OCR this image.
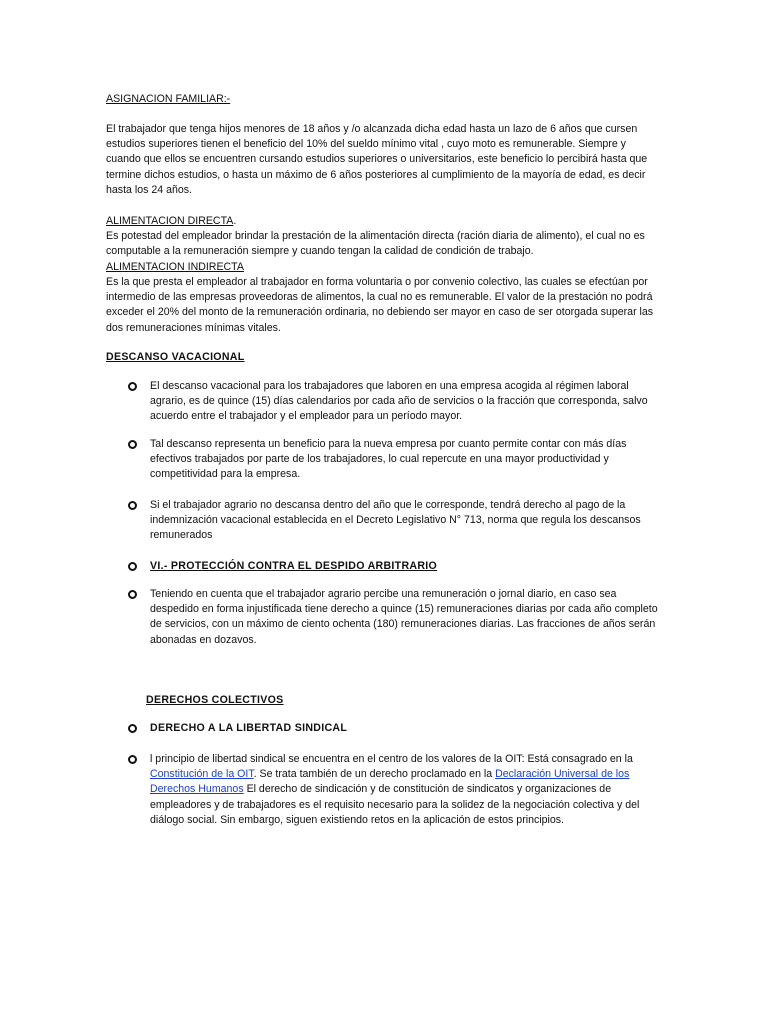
ASIGNACION FAMILIAR:-

El trabajador que tenga hijos menores de 18 años y /o alcanzada dicha edad hasta un lazo de 6 años que cursen estudios superiores tienen el beneficio del 10% del sueldo mínimo vital , cuyo moto es remunerable. Siempre y cuando que ellos se encuentren cursando estudios superiores o universitarios, este beneficio lo percibirá hasta que termine dichos estudios, o hasta un máximo de 6 años posteriores al cumplimiento de la mayoría de edad, es decir hasta los 24 años.

ALIMENTACION DIRECTA.

Es potestad del empleador brindar la prestación de la alimentación directa (ración diaria de alimento), el cual no es computable a la remuneración siempre y cuando tengan la calidad de condición de trabajo.

ALIMENTACION INDIRECTA

Es la que presta el empleador al trabajador en forma voluntaria o por convenio colectivo, las cuales se efectúan por intermedio de las empresas proveedoras de alimentos, la cual no es remunerable. El valor de la prestación no podrá exceder el 20% del monto de la remuneración ordinaria, no debiendo ser mayor en caso de ser otorgada superar las dos remuneraciones mínimas vitales.

DESCANSO VACACIONAL

El descanso vacacional para los trabajadores que laboren en una empresa acogida al régimen laboral agrario, es de quince (15) días calendarios por cada año de servicios o la fracción que corresponda, salvo acuerdo entre el trabajador y el empleador para un período mayor.

Tal descanso representa un beneficio para la nueva empresa por cuanto permite contar con más días efectivos trabajados por parte de los trabajadores, lo cual repercute en una mayor productividad y competitividad para la empresa.

Si el trabajador agrario no descansa dentro del año que le corresponde, tendrá derecho al pago de la indemnización vacacional establecida en el Decreto Legislativo N° 713, norma que regula los descansos remunerados

VI.- PROTECCIÓN CONTRA EL DESPIDO ARBITRARIO

Teniendo en cuenta que el trabajador agrario percibe una remuneración o jornal diario, en caso sea despedido en forma injustificada tiene derecho a quince (15) remuneraciones diarias por cada año completo de servicios, con un máximo de ciento ochenta (180) remuneraciones diarias. Las fracciones de años serán abonadas en dozavos.

DERECHOS COLECTIVOS

DERECHO A LA LIBERTAD SINDICAL

l principio de libertad sindical se encuentra en el centro de los valores de la OIT: Está consagrado en la Constitución de la OIT. Se trata también de un derecho proclamado en la Declaración Universal de los Derechos Humanos El derecho de sindicación y de constitución de sindicatos y organizaciones de empleadores y de trabajadores es el requisito necesario para la solidez de la negociación colectiva y del diálogo social. Sin embargo, siguen existiendo retos en la aplicación de estos principios.
